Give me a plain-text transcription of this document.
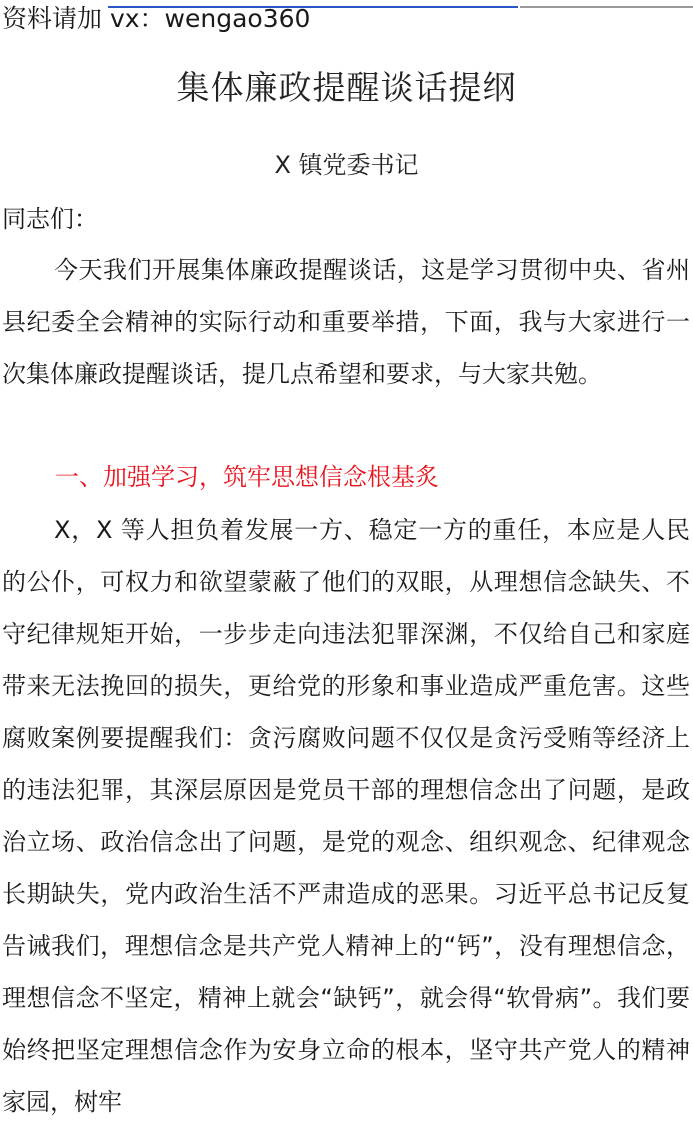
资料请加 vx：wengao360
集体廉政提醒谈话提纲
X 镇党委书记
同志们：

今天我们开展集体廉政提醒谈话，这是学习贯彻中央、省州县纪委全会精神的实际行动和重要举措，下面，我与大家进行一次集体廉政提醒谈话，提几点希望和要求，与大家共勉。

一、加强学习，筑牢思想信念根基炙

X，X 等人担负着发展一方、稳定一方的重任，本应是人民的公仆，可权力和欲望蒙蔽了他们的双眼，从理想信念缺失、不守纪律规矩开始，一步步走向违法犯罪深渊，不仅给自己和家庭带来无法挽回的损失，更给党的形象和事业造成严重危害。这些腐败案例要提醒我们：贪污腐败问题不仅仅是贪污受贿等经济上的违法犯罪，其深层原因是党员干部的理想信念出了问题，是政治立场、政治信念出了问题，是党的观念、组织观念、纪律观念长期缺失，党内政治生活不严肃造成的恶果。习近平总书记反复告诫我们，理想信念是共产党人精神上的“钙”，没有理想信念，理想信念不坚定，精神上就会“缺钙”，就会得“软骨病”。我们要始终把坚定理想信念作为安身立命的根本，坚守共产党人的精神家园，树牢
